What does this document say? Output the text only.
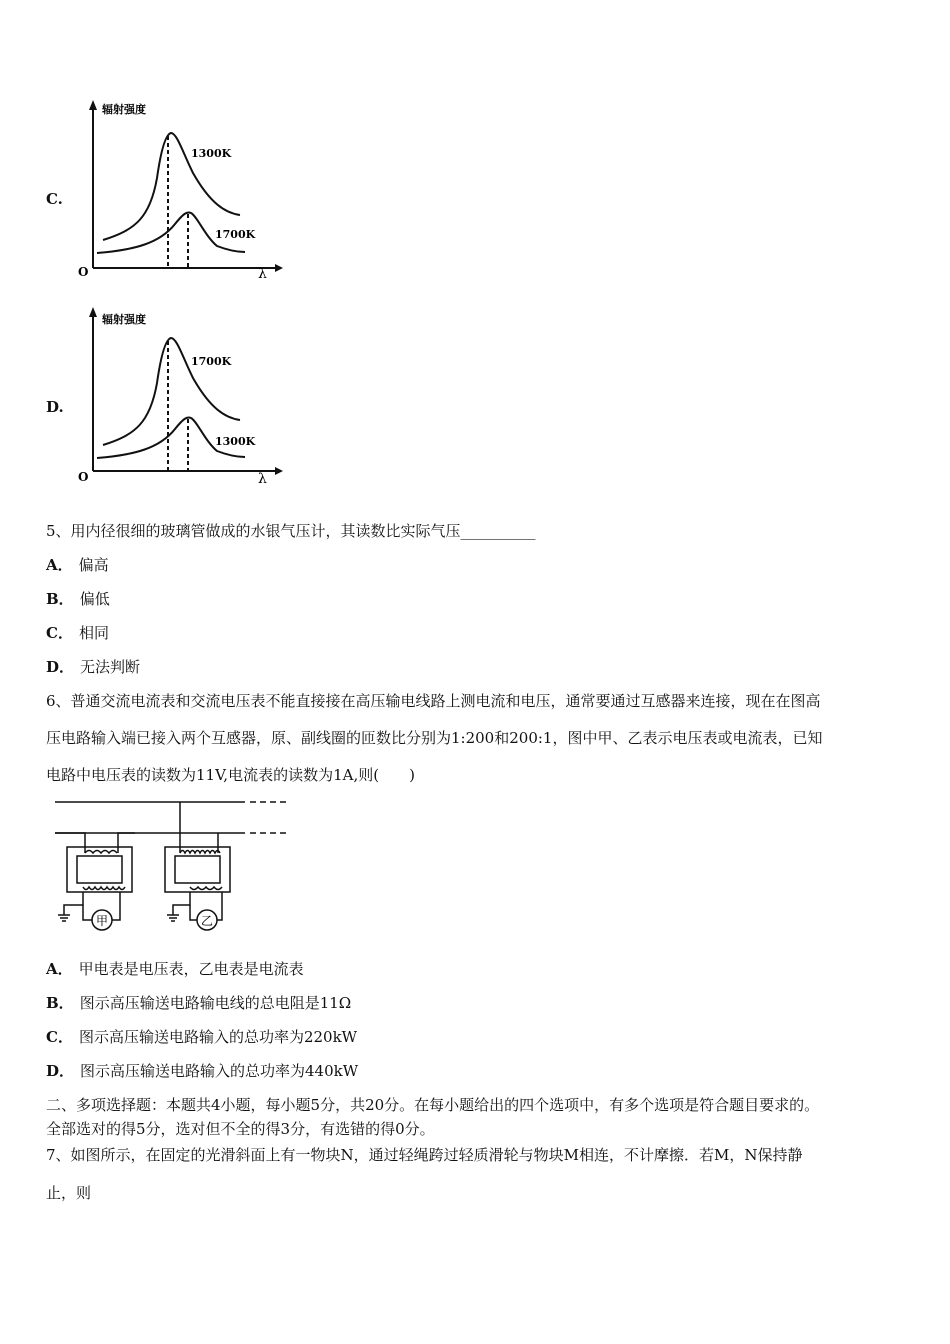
C.
辐射强度
O	λ
1300K
1700K
D.
辐射强度
O	λ
1700K
1300K
5、用内径很细的玻璃管做成的水银气压计，其读数比实际气压__________
A． 偏高
B． 偏低
C． 相同
D． 无法判断
6、普通交流电流表和交流电压表不能直接接在高压输电线路上测电流和电压，通常要通过互感器来连接，现在在图高
压电路输入端已接入两个互感器，原、副线圈的匝数比分别为1:200和200:1，图中甲、乙表示电压表或电流表，已知
电路中电压表的读数为11V,电流表的读数为1A,则(　　)
甲	乙
A． 甲电表是电压表，乙电表是电流表
B． 图示高压输送电路输电线的总电阻是11Ω
C． 图示高压输送电路输入的总功率为220kW
D． 图示高压输送电路输入的总功率为440kW
二、多项选择题：本题共4小题，每小题5分，共20分。在每小题给出的四个选项中，有多个选项是符合题目要求的。
全部选对的得5分，选对但不全的得3分，有选错的得0分。
7、如图所示，在固定的光滑斜面上有一物块N，通过轻绳跨过轻质滑轮与物块M相连，不计摩擦．若M，N保持静
止，则
